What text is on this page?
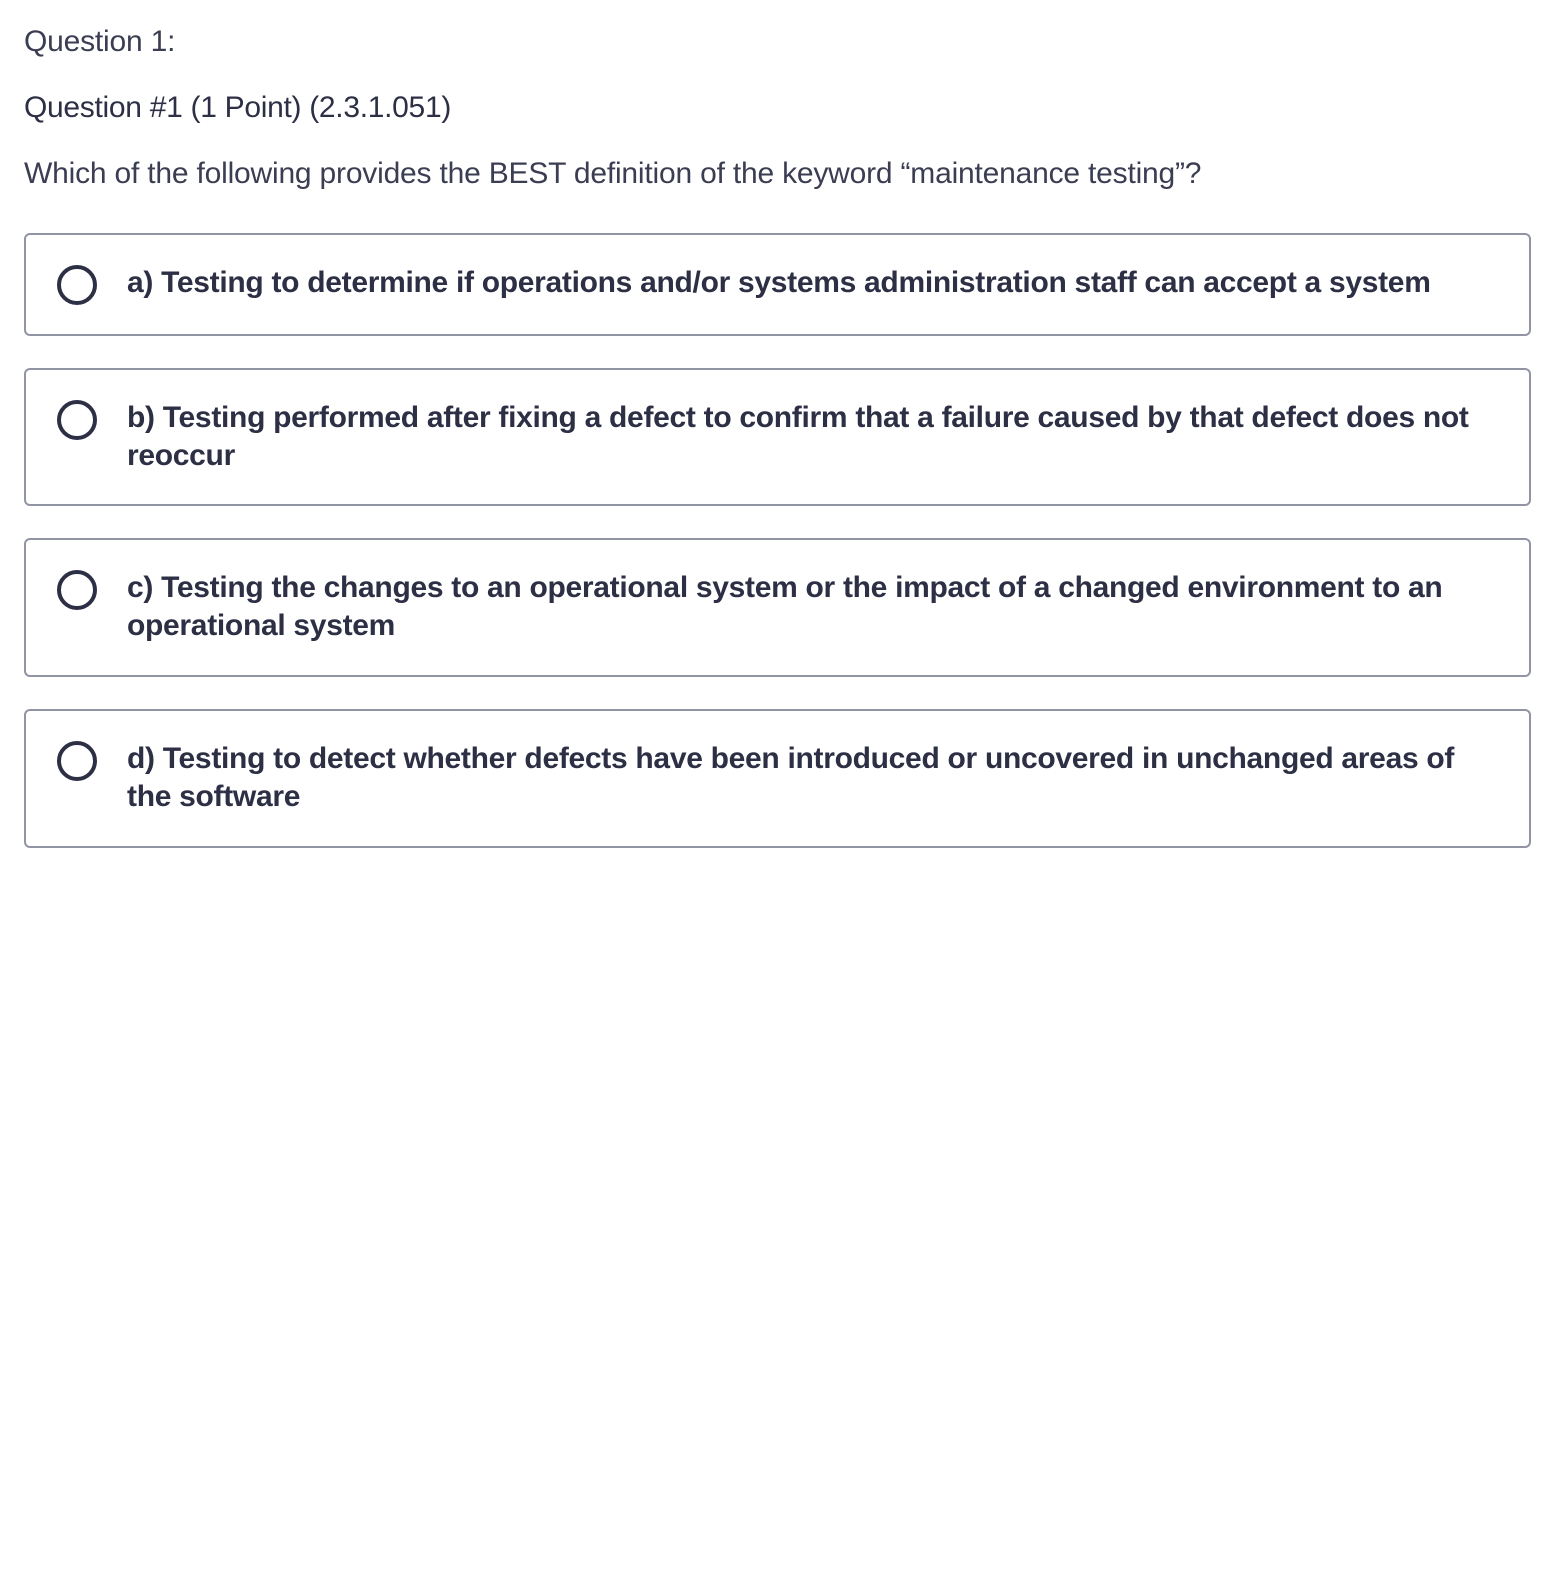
Question 1:
Question #1 (1 Point) (2.3.1.051)
Which of the following provides the BEST definition of the keyword “maintenance testing”?
a) Testing to determine if operations and/or systems administration staff can accept a system
b) Testing performed after fixing a defect to confirm that a failure caused by that defect does not reoccur
c) Testing the changes to an operational system or the impact of a changed environment to an operational system
d) Testing to detect whether defects have been introduced or uncovered in unchanged areas of the software
